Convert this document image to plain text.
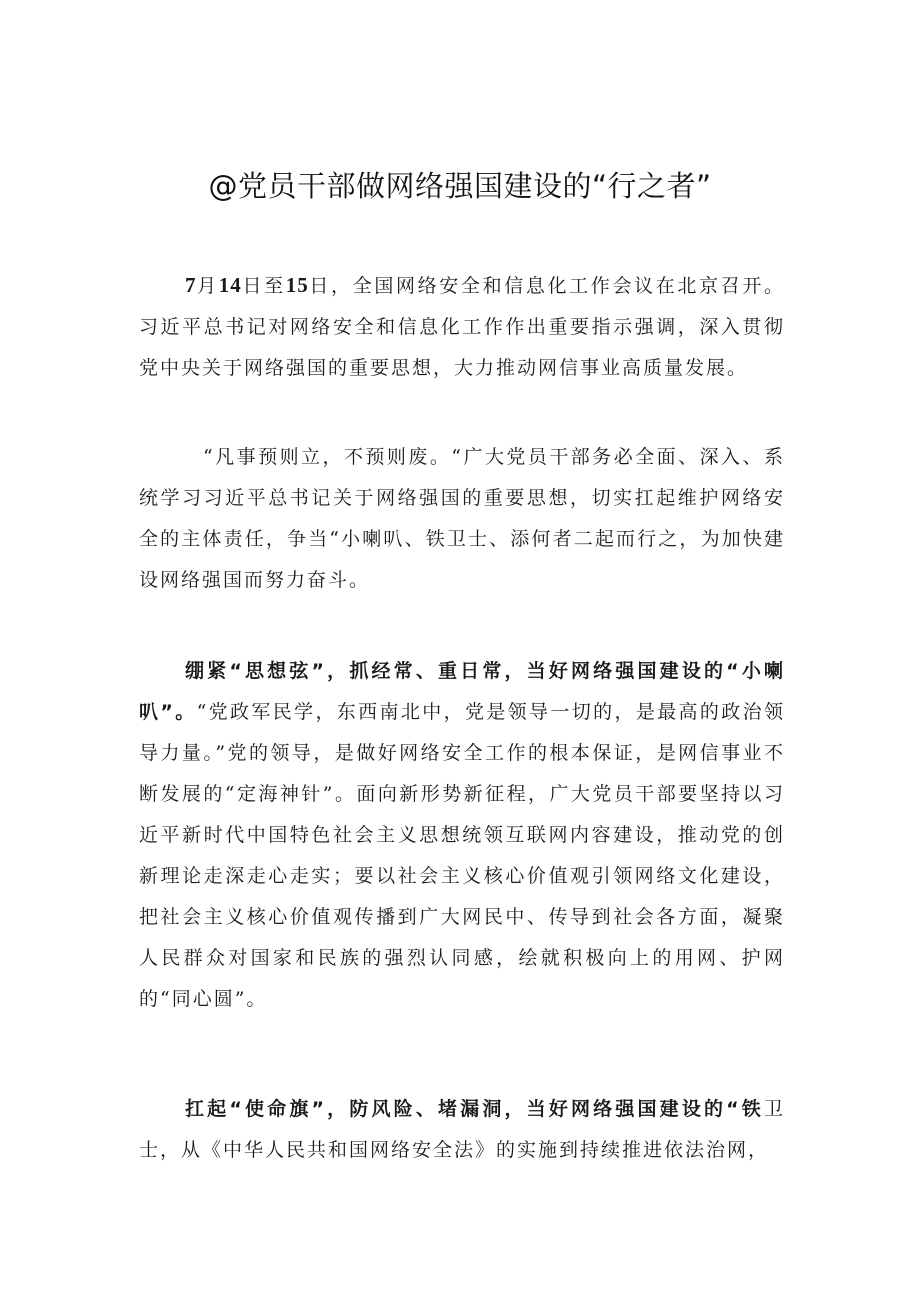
@党员干部做网络强国建设的“行之者”

7月14日至15日，全国网络安全和信息化工作会议在北京召开。习近平总书记对网络安全和信息化工作作出重要指示强调，深入贯彻党中央关于网络强国的重要思想，大力推动网信事业高质量发展。

“凡事预则立，不预则废。“广大党员干部务必全面、深入、系统学习习近平总书记关于网络强国的重要思想，切实扛起维护网络安全的主体责任，争当“小喇叭、铁卫士、添何者二起而行之，为加快建设网络强国而努力奋斗。

绷紧“思想弦”，抓经常、重日常，当好网络强国建设的“小喇叭”。“党政军民学，东西南北中，党是领导一切的，是最高的政治领导力量。”党的领导，是做好网络安全工作的根本保证，是网信事业不断发展的“定海神针”。面向新形势新征程，广大党员干部要坚持以习近平新时代中国特色社会主义思想统领互联网内容建设，推动党的创新理论走深走心走实；要以社会主义核心价值观引领网络文化建设，把社会主义核心价值观传播到广大网民中、传导到社会各方面，凝聚人民群众对国家和民族的强烈认同感，绘就积极向上的用网、护网的“同心圆”。

扛起“使命旗”，防风险、堵漏洞，当好网络强国建设的“铁卫士，从《中华人民共和国网络安全法》的实施到持续推进依法治网，
